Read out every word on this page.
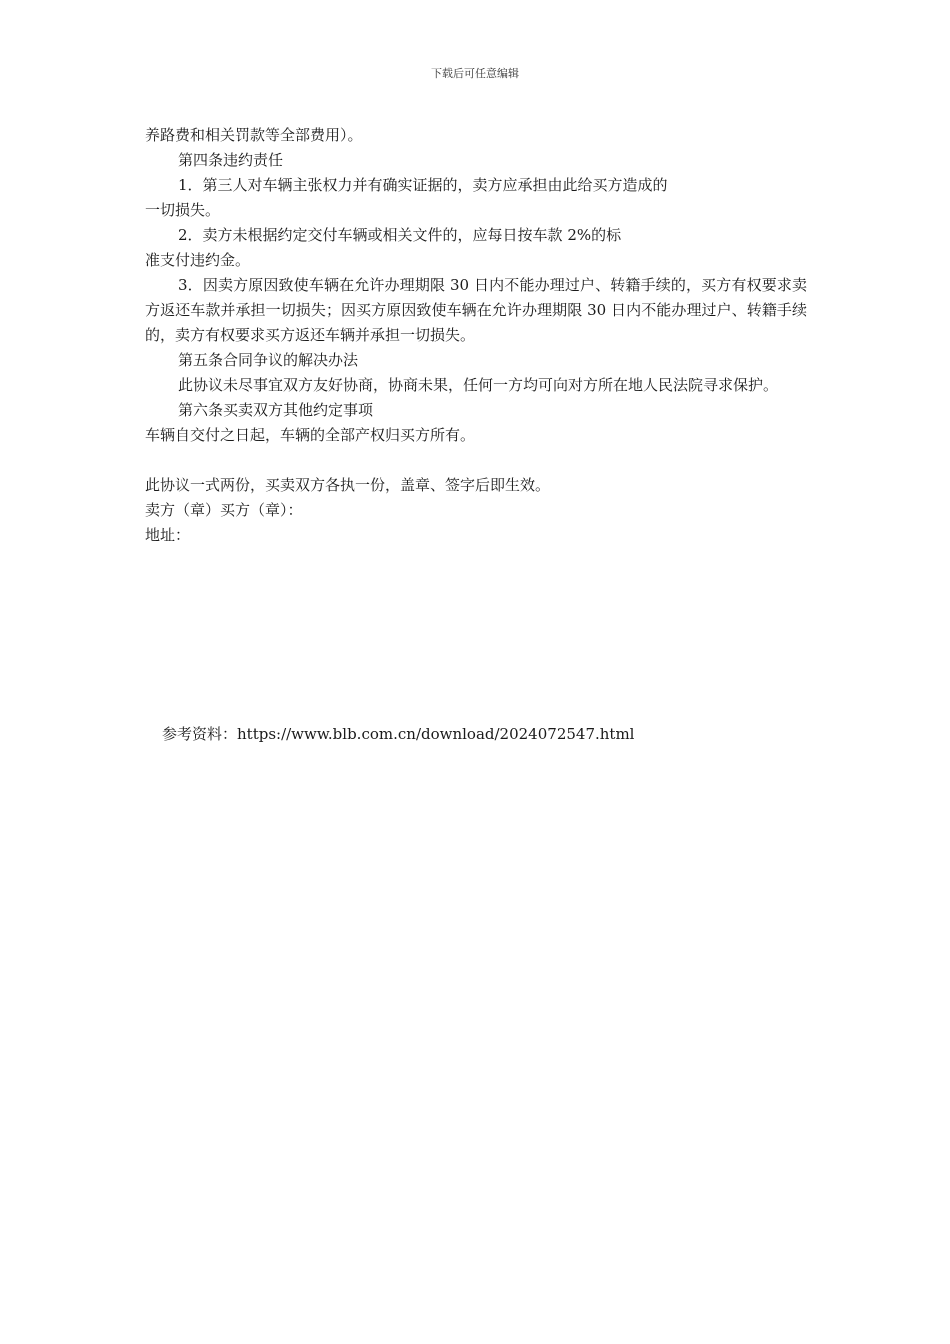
下载后可任意编辑
养路费和相关罚款等全部费用）。
第四条违约责任
1．第三人对车辆主张权力并有确实证据的，卖方应承担由此给买方造成的
一切损失。
2．卖方未根据约定交付车辆或相关文件的，应每日按车款 2%的标
准支付违约金。
3．因卖方原因致使车辆在允许办理期限 30 日内不能办理过户、转籍手续的，买方有权要求卖方返还车款并承担一切损失；因买方原因致使车辆在允许办理期限 30 日内不能办理过户、转籍手续的，卖方有权要求买方返还车辆并承担一切损失。
第五条合同争议的解决办法
此协议未尽事宜双方友好协商，协商未果，任何一方均可向对方所在地人民法院寻求保护。
第六条买卖双方其他约定事项
车辆自交付之日起，车辆的全部产权归买方所有。
此协议一式两份，买卖双方各执一份，盖章、签字后即生效。
卖方（章）买方（章）：
地址：
参考资料：https://www.blb.com.cn/download/2024072547.html
